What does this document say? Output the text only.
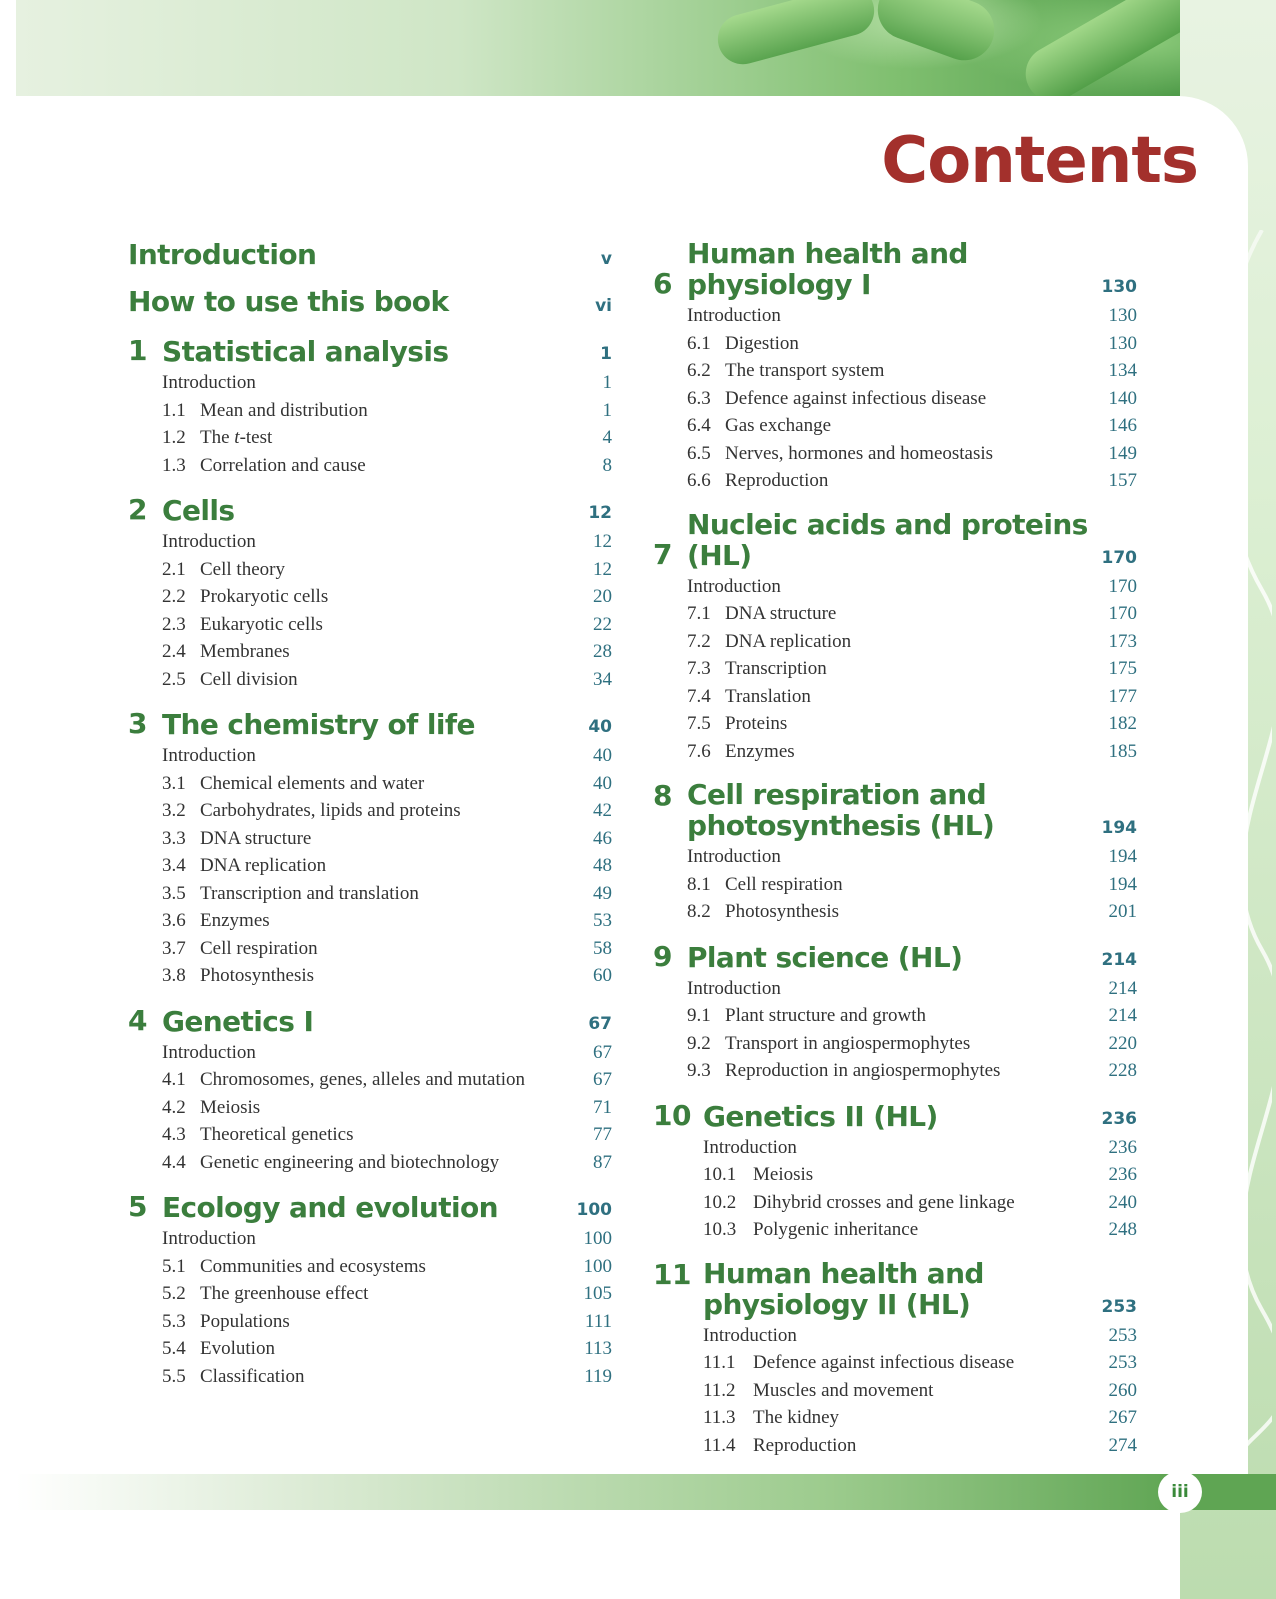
iii
Contents
Introduction	v
How to use this book	vi
1 Statistical analysis	1
Introduction	1
1.1 Mean and distribution	1
1.2 The t-test	4
1.3 Correlation and cause	8
2 Cells	12
Introduction	12
2.1 Cell theory	12
2.2 Prokaryotic cells	20
2.3 Eukaryotic cells	22
2.4 Membranes	28
2.5 Cell division	34
3 The chemistry of life	40
Introduction	40
3.1 Chemical elements and water	40
3.2 Carbohydrates, lipids and proteins	42
3.3 DNA structure	46
3.4 DNA replication	48
3.5 Transcription and translation	49
3.6 Enzymes	53
3.7 Cell respiration	58
3.8 Photosynthesis	60
4 Genetics I	67
Introduction	67
4.1 Chromosomes, genes, alleles and mutation	67
4.2 Meiosis	71
4.3 Theoretical genetics	77
4.4 Genetic engineering and biotechnology	87
5 Ecology and evolution	100
Introduction	100
5.1 Communities and ecosystems	100
5.2 The greenhouse effect	105
5.3 Populations	111
5.4 Evolution	113
5.5 Classification	119
6
Human health and physiology I	130
Introduction	130
6.1 Digestion	130
6.2 The transport system	134
6.3 Defence against infectious disease	140
6.4 Gas exchange	146
6.5 Nerves, hormones and homeostasis	149
6.6 Reproduction	157
7
Nucleic acids and proteins (HL)	170
Introduction	170
7.1 DNA structure	170
7.2 DNA replication	173
7.3 Transcription	175
7.4 Translation	177
7.5 Proteins	182
7.6 Enzymes	185
8 Cell respiration and
photosynthesis (HL)	194
Introduction	194
8.1 Cell respiration	194
8.2 Photosynthesis	201
9 Plant science (HL)	214
Introduction	214
9.1 Plant structure and growth	214
9.2 Transport in angiospermophytes	220
9.3 Reproduction in angiospermophytes	228
10 Genetics II (HL)	236
Introduction	236
10.1 Meiosis	236
10.2 Dihybrid crosses and gene linkage	240
10.3 Polygenic inheritance	248
11 Human health and
physiology II (HL)	253
Introduction	253
11.1 Defence against infectious disease	253
11.2 Muscles and movement	260
11.3 The kidney	267
11.4 Reproduction	274
